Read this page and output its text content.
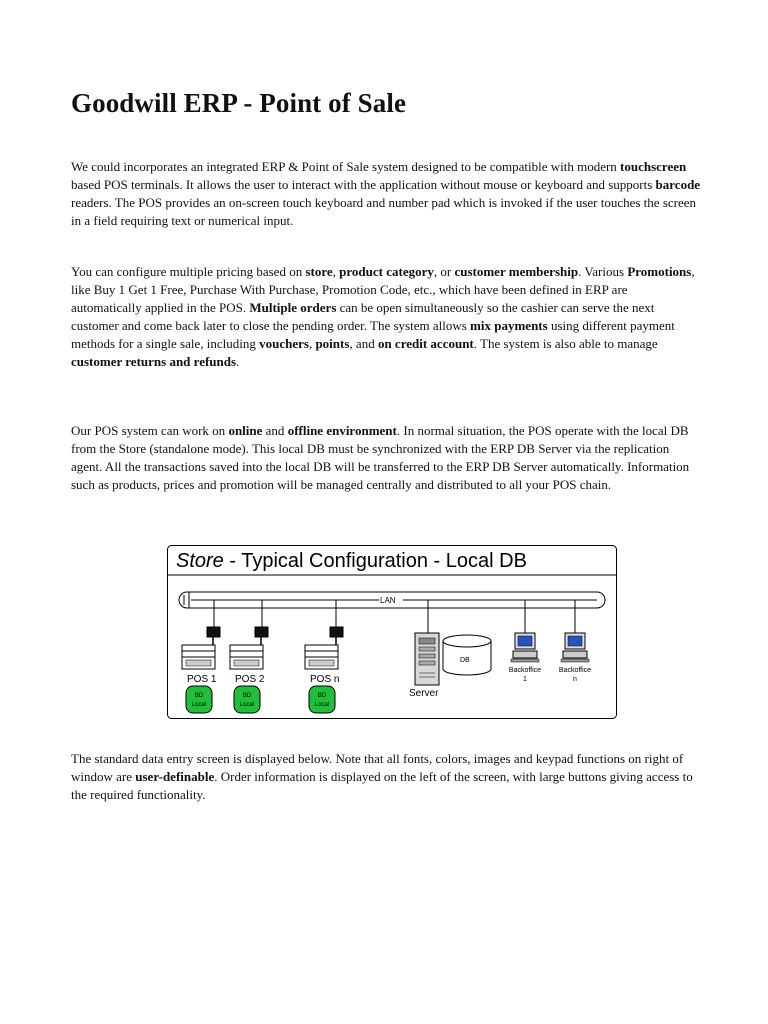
Goodwill ERP - Point of Sale

We could incorporates an integrated ERP & Point of Sale system designed to be compatible with modern touchscreen based POS terminals. It allows the user to interact with the application without mouse or keyboard and supports barcode readers. The POS provides an on-screen touch keyboard and number pad which is invoked if the user touches the screen in a field requiring text or numerical input.

You can configure multiple pricing based on store, product category, or customer membership. Various Promotions, like Buy 1 Get 1 Free, Purchase With Purchase, Promotion Code, etc., which have been defined in ERP are automatically applied in the POS. Multiple orders can be open simultaneously so the cashier can serve the next customer and come back later to close the pending order. The system allows mix payments using different payment methods for a single sale, including vouchers, points, and on credit account. The system is also able to manage customer returns and refunds.

Our POS system can work on online and offline environment. In normal situation, the POS operate with the local DB from the Store (standalone mode). This local DB must be synchronized with the ERP DB Server via the replication agent. All the transactions saved into the local DB will be transferred to the ERP DB Server automatically. Information such as products, prices and promotion will be managed centrally and distributed to all your POS chain.

The standard data entry screen is displayed below. Note that all fonts, colors, images and keypad functions on right of window are user-definable. Order information is displayed on the left of the screen, with large buttons giving access to the required functionality.

Store - Typical Configuration - Local DB
LAN
POS 1
BD
Local
POS 2
BD
Local
POS n
BD
Local
Server
DB
Backoffice
1
Backoffice
n
